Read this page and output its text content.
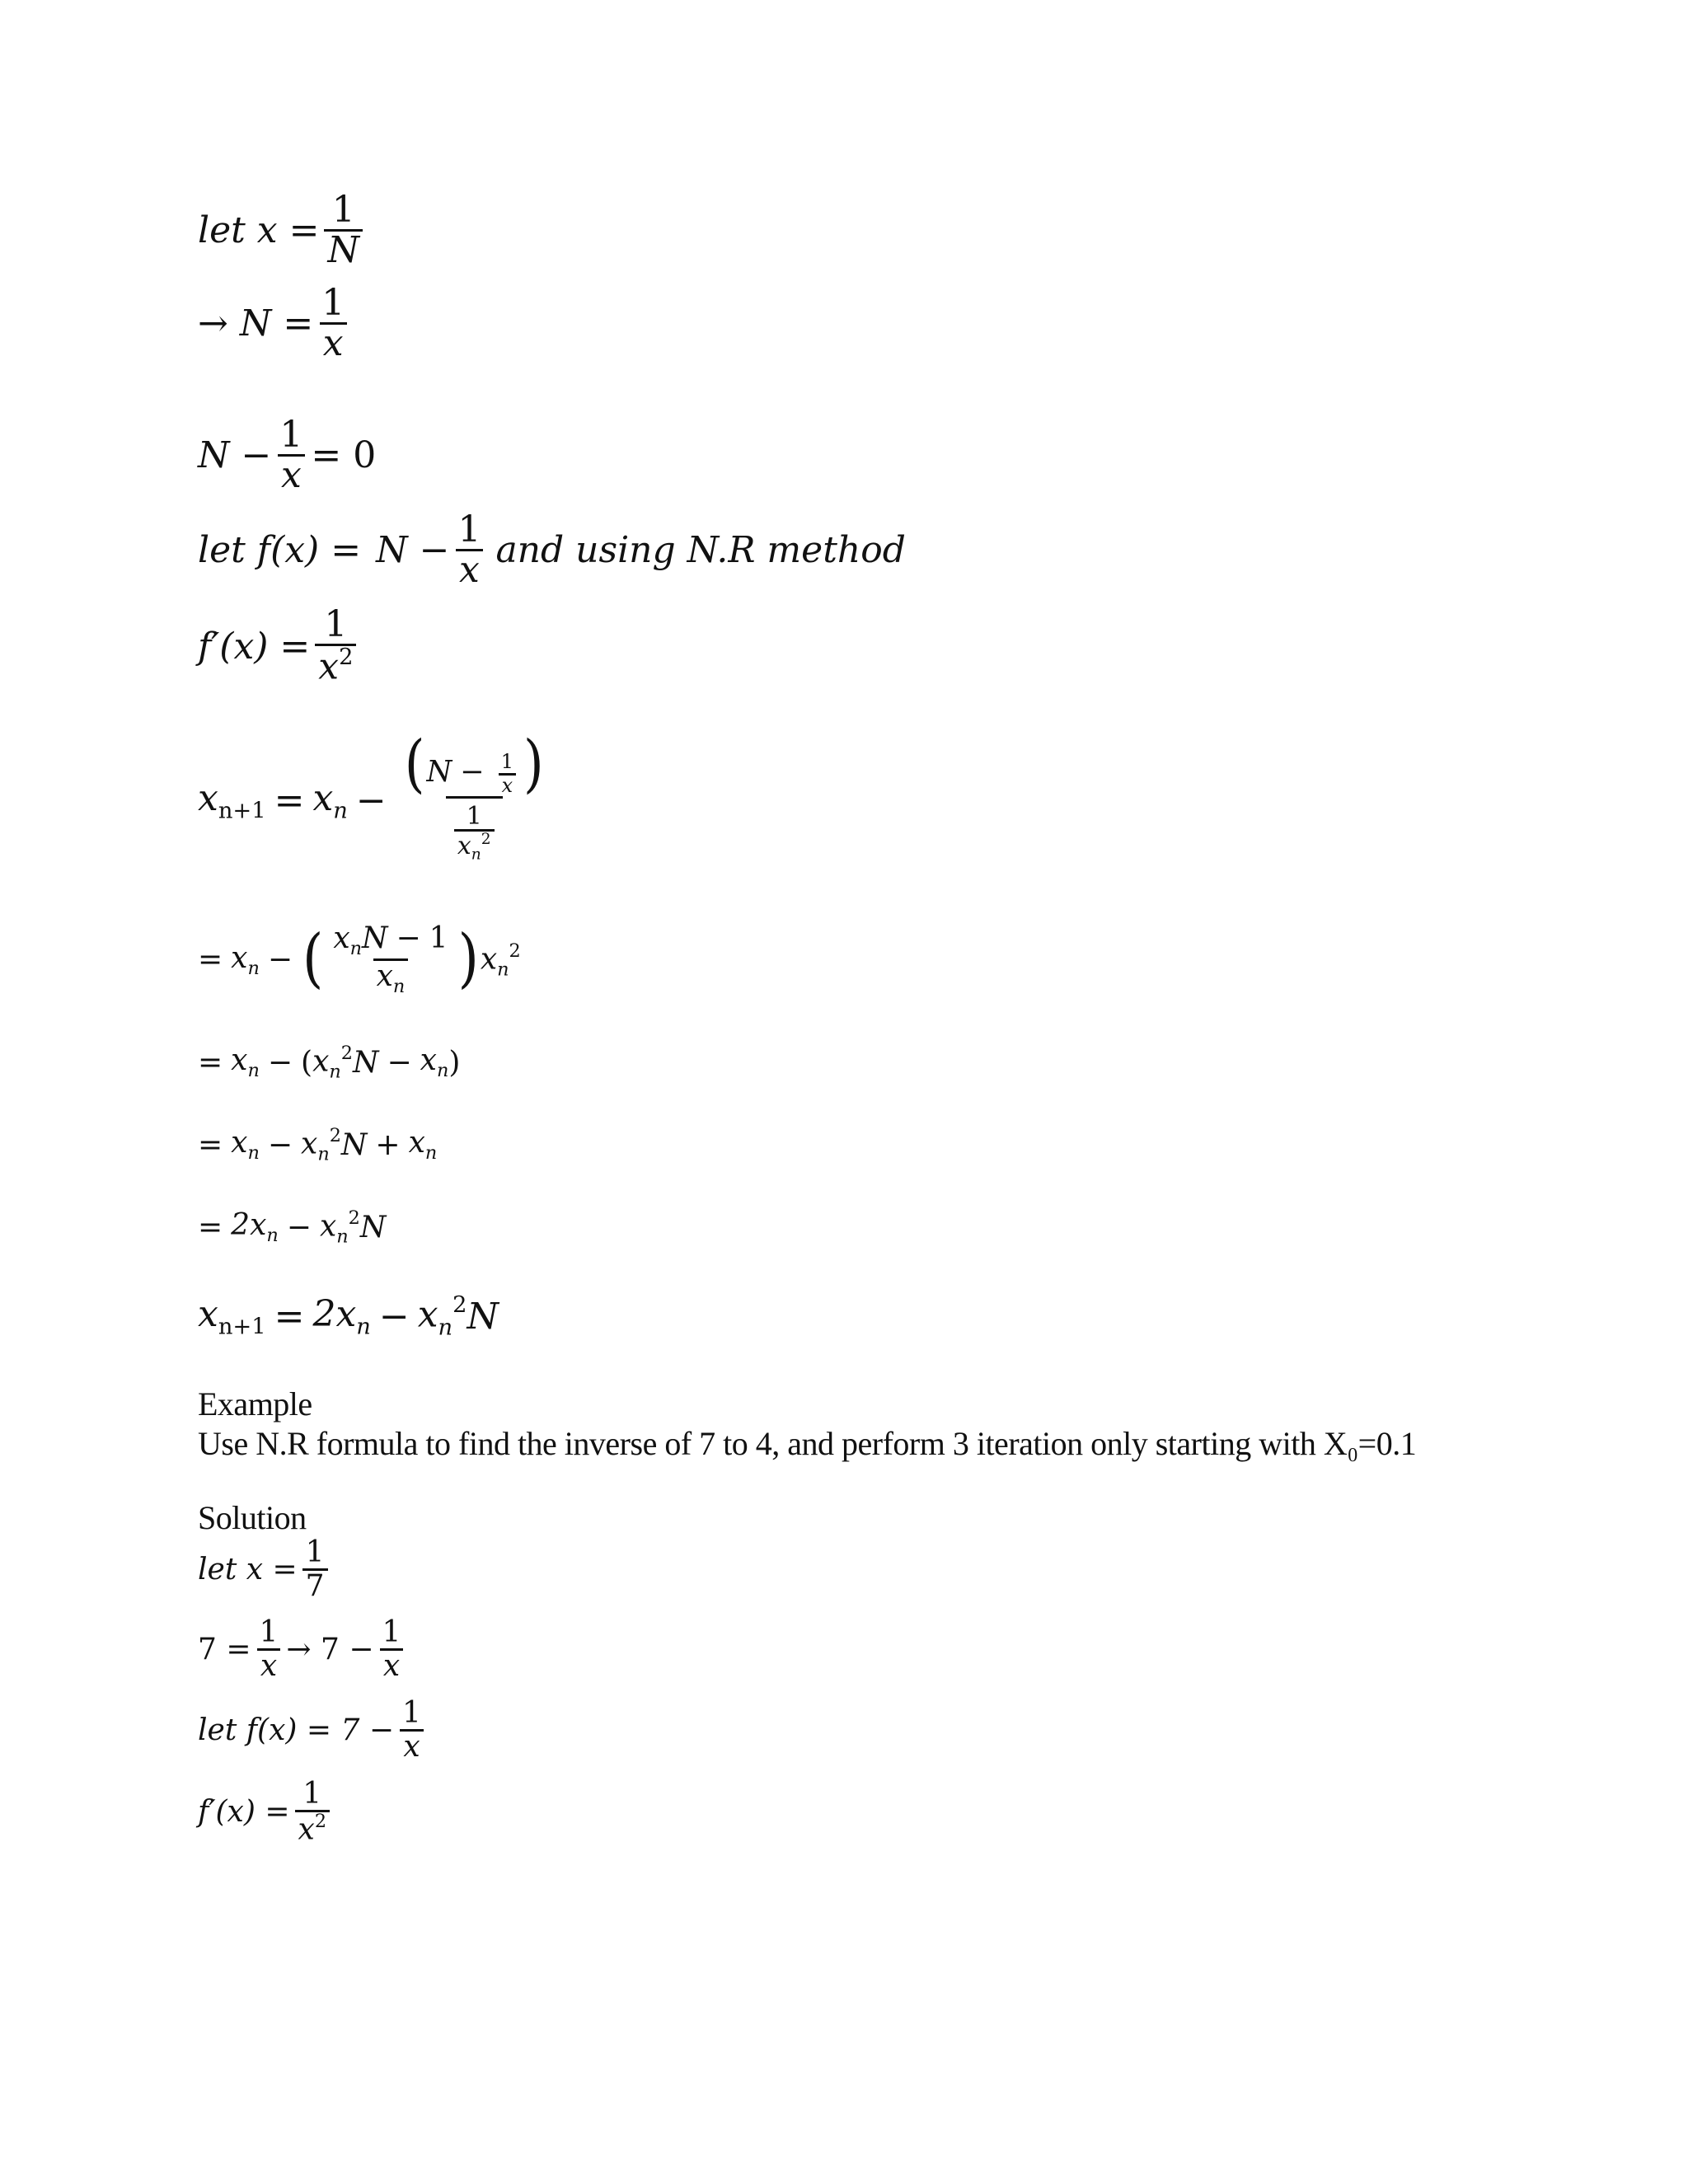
let $x = \frac{1}{N}$
→ $N = \frac{1}{x}$
$N - \frac{1}{x} = 0$
let $f(x) = N - \frac{1}{x}$ and using N.R method
$f'(x) = \frac{1}{x^2}$
$x_{n+1} = x_n - \frac{(N - \frac{1}{x} )}{\frac{1}{x_n^2}}$
= $x_n$ − ( $\frac{x_nN - 1}{x_n}$ ) $x_n^2$
= $x_n$ − ( $x_n^2$ $N - x_n$ )
= $x_n - x_n^2$ $N + x_n$
= $2x_n - x_n^2$ N
$x_{n+1} = 2x_n - x_n^2$ N
Example
Use N.R formula to find the inverse of 7 to 4, and perform 3 iteration only starting with X₀=0.1
Solution
let $x = \frac{1}{7}$
$7 = \frac{1}{x} \to 7 - \frac{1}{x}$
let $f(x) = 7 - \frac{1}{x}$
$f'(x) = \frac{1}{x^2}$
